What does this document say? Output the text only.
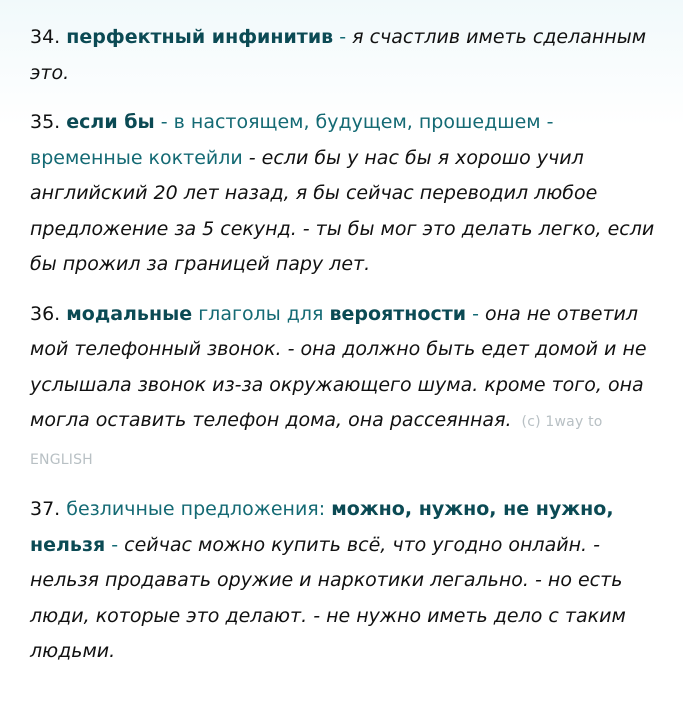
34. перфектный инфинитив - я счастлив иметь сделанным это.

35. если бы - в настоящем, будущем, прошедшем - временные коктейли - если бы у нас бы я хорошо учил английский 20 лет назад, я бы сейчас переводил любое предложение за 5 секунд. - ты бы мог это делать легко, если бы прожил за границей пару лет.

36. модальные глаголы для вероятности - она не ответил мой телефонный звонок. - она должно быть едет домой и не услышала звонок из-за окружающего шума. кроме того, она могла оставить телефон дома, она рассеянная. (c) 1way to ENGLISH

37. безличные предложения: можно, нужно, не нужно, нельзя - сейчас можно купить всё, что угодно онлайн. - нельзя продавать оружие и наркотики легально. - но есть люди, которые это делают. - не нужно иметь дело с таким людьми.
